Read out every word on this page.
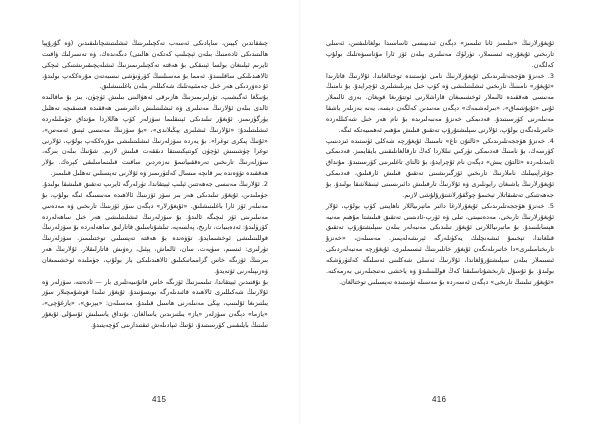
چىققاندىن كېيىن، ساپادىكى ئەسەب تەكچىلىرىنىڭ ئىشلىتىشچانلىقىدىن (ۋە گۇرۇپپا ھالىتىدىكى ئادەمنىڭ بىلەن ئېچىلىپ كەتكەن ھالىتى) دىگەندەك، ۋە تەسىرلىك ۋاقىت ئايرىم ئېلىنغان بولسا ئېنىقكى بۇ ھەقتە تەكچىلىرىمىزنىڭ ئىشلەپچىقىرىشتىكى ئىچكى ئالاھىدىلىكى ساقلىنىدۇ. ئەمما بۇ مەسىلىنىڭ كۆرۈنۈشى نىسبەتەن مۇرەككەپ بولىدۇ، ئۇ دەۋردىكى ھەر خىل جەمئىيەتلىك شەكىللەر بىلەن باغلىنىشلىق.

بۇنىڭغا ئەگىشىپ، تۈرلىرىمىزنىڭ ھازىرقى ئەھۋالىنى بىلىش ئۈچۈن، بىز بۇ ماقالىدە ئالدى بىلەن ئۇلارنىڭ مەنىلىرى ۋە ئىشلىتىلىش دائىرىسى ھەققىدە قىسقىچە تەھلىل يۈرگۈزىمىز. ئۇيغۇر تىلىدىكى ئېنىقلىما سۆزلەر كۆپ ھاللاردا مۇنداق جۈملىلەردە ئىشلىتىلىدۇ: «ئۇلارنىڭ ئىشلىرى يېڭىلاندى»، «بۇ سۆزنىڭ مەنىسى ئېنىق ئەمەس»، «ئۇنىڭ پىكرى توغرا». بۇ يەردە سۆزلەرنىڭ ئىشلىتىلىشى مۇرەككەپ بولۇپ، ئۇلارنى توغرا چۈشىنىش ئۈچۈن كونتېكىستقا دىققەت قىلىش لازىم. شۇنىڭ بىلەن بىرگە، سۆزلەرنىڭ تارىخىي تەرەققىياتىمۇ نەزەردىن ساقىت قىلىنماسلىقى كېرەك. بۇلار ھەققىدە تۆۋەندە بىر قانچە مىسال كەلتۈرىمىز ۋە ئۇلارنى تەپسىلىي تەھلىل قىلىمىز.

2. ئۇلارنىڭ مەنىسى جەھەتتىن ئېلىپ ئېيتقاندا، تۈرلەرگە ئايرىپ تەتقىق قىلىشقا بولىدۇ. جۈملىدىن، ئۇيغۇر تىلىدىكى ھەر بىر سۆز ئۆزىنىڭ ئالاھىدە مەنىسىگە ئىگە بولۇپ، بۇ مەنىلەر ئۆز ئارا باغلىنىشلىق. «ئۇيغۇرلار» دېگەن سۆز ئۆزىنىڭ تارىخىي ۋە مەدەنىي مەنىلىرىنى ئۆز ئىچىگە ئالىدۇ. بۇ سۆزلەرنىڭ ئىشلىتىلىشى ھەر خىل ساھەلەردە كۆرۈلىدۇ: ئەدەبىيات، تارىخ، پەلسەپە، تىلشۇناسلىق قاتارلىق ساھەلەردە بۇ سۆزلەرنىڭ قوللىنىلىشى ئوخشىمايدۇ. تۆۋەندە بۇ ھەقتە تەپسىلىي توختىلىمىز. سۆزلەرنىڭ تۈرلىرى: ئىسىم، سۈپەت، سان، ئالماش، پېئىل، رەۋىش قاتارلىقلار. ئۇلارنىڭ ھەر بىرىنىڭ ئۆزىگە خاس گرامماتىكىلىق ئالاھىدىلىكى بار بولۇپ، جۈملىدە ئوخشىمىغان ۋەزىپىلەرنى ئۆتەيدۇ.

بۇ نۇقتىدىن ئېيتقاندا، تىلىمىزنىڭ ئۆزىگە خاس قانۇنىيەتلىرى بار — ئادەتتە، سۆزلەر ۋە ئۇلارنىڭ شەكىللىرى ئالاھىدە قائىدىلەرگە بويسۇنىدۇ. ئۇيغۇر تىلىدا قوشۇمچىلار سۆز يىلتىزىغا ئۇلىنىپ، يېڭى مەنىلەرنى ھاسىل قىلىدۇ. مەسىلەن: «يېزىق»، «يازغۇچى»، «يازما» دېگەن سۆزلەر «ياز» يىلتىزىدىن ياسالغان. بۇنداق ياسىلىش ئۇسۇلى ئۇيغۇر تىلىنىڭ بايلىقىنى كۆرسىتىدۇ، ئۇنىڭ ئىپادىلەش ئىقتىدارىنى كۈچەيتىدۇ.

415

ئۇيغۇرلارنىڭ «تىلىمىز ئانا تىلىمىز» دېگەن ئىدىيىسى ئاساسىدا بولغانلىقتىن، ئەسلى تارىخىي ئۇيغۇرچە ئىسىملار، تۈرلۈك مەنىلىرى بىلەن ئۆز ئارا مۇناسىۋەتلىك بولۇپ كەلگەن.

3. خەنزۇ ھۆججەتلىرىدىكى ئۇيغۇرلارنىڭ نامى ئۈستىدە توختالغاندا، ئۇلارنىڭ قاتارىدا «ئۇيغۇر» نامىنىڭ تارىخىي ئىشلىتىلىشى ۋە كۆپ خىل يېزىلىشلىرى ئۇچرايدۇ. بۇ نامنىڭ مەنىسى ھەققىدە ئالىملار ئوخشىمىغان قاراشلارنى ئوتتۇرىغا قويغان. بەزى ئالىملار ئۇنى «ئۇيۇشماق»، «بىرلەشمەك» دېگەن مەنىدىن كەلگەن دېسە، يەنە بەزىلەر باشقا مەنىلەرنى كۆرسىتىدۇ. قەدىمكى خەنزۇ مەنبەلىرىدە بۇ نام ھەر خىل شەكىللەردە خاتىرىلەنگەن بولۇپ، ئۇلارنى سېلىشتۇرۇپ تەتقىق قىلىش مۇھىم ئەھمىيەتكە ئىگە.

4. خەنزۇ ھۆججەتلىرىدىكى «ئالتۇن تاغ» نامىنىڭ ئۇيغۇرچە شەكلى ئۈستىدە ئىزدىنىپ كۆرسەك، بۇ نامنىڭ قەدىمكى تۈركىي تىللاردا كەڭ تارقالغانلىقىنى بايقايمىز. قەدىمكى ئابىدىلەردە «ئالتۇن يىش» دېگەن نام ئۇچرايدۇ، بۇ ئالتاي تاغلىرىنى كۆرسىتىدۇ. مۇنداق جۇغراپىيىلىك ناملارنىڭ تارىخىي ئۆزگىرىشىنى تەتقىق قىلىش ئارقىلىق، قەدىمكى ئۇيغۇرلارنىڭ ياشىغان رايونلىرى ۋە ئۇلارنىڭ تارقىلىش دائىرىسىنى ئېنىقلاشقا بولىدۇ. بۇ جەھەتتىكى تەتقىقاتلار تېخىمۇ چوڭقۇرلاشتۇرۇلۇشى لازىم.

5. خەنزۇ ھۆججەتلىرىدىكى ئۇيغۇرلارغا دائىر ماتېرىياللار ناھايىتى كۆپ بولۇپ، ئۇلار ئۇيغۇرلارنىڭ تارىخى، مەدەنىيىتى، تىلى ۋە ئۆرپ-ئادىتىنى تەتقىق قىلىشتا مۇھىم مەنبە ھېسابلىنىدۇ. بۇ ماتېرىياللارنى ئۇيغۇر تىلىدىكى مەنبەلەر بىلەن سېلىشتۇرۇپ تەتقىق قىلغاندا، تېخىمۇ ئىشەنچلىك يەكۈنلەرگە ئېرىشەلەيمىز. مەسىلەن، «خەنزۇ تارىخنامىلىرى»دا خاتىرىلەنگەن ئۇيغۇر خانلىرىنىڭ ئىسىملىرى، ئۇيغۇرچە مەنبەلەردىكى ئىسىملار بىلەن سېلىشتۇرۇلغاندا، ئۇلارنىڭ ئەسلى شەكلىنى ئەسلىگە كەلتۈرۈشكە بولىدۇ. بۇ ئۇسۇل تارىخشۇناسلىقتا كەڭ قوللىنىلىدۇ ۋە ياخشى نەتىجىلەرنى بەرمەكتە. «ئۇيغۇر تىلىنىڭ تارىخى» دېگەن ئەسەردە بۇ مەسىلە ئۈستىدە تەپسىلىي توختالغان.

416
